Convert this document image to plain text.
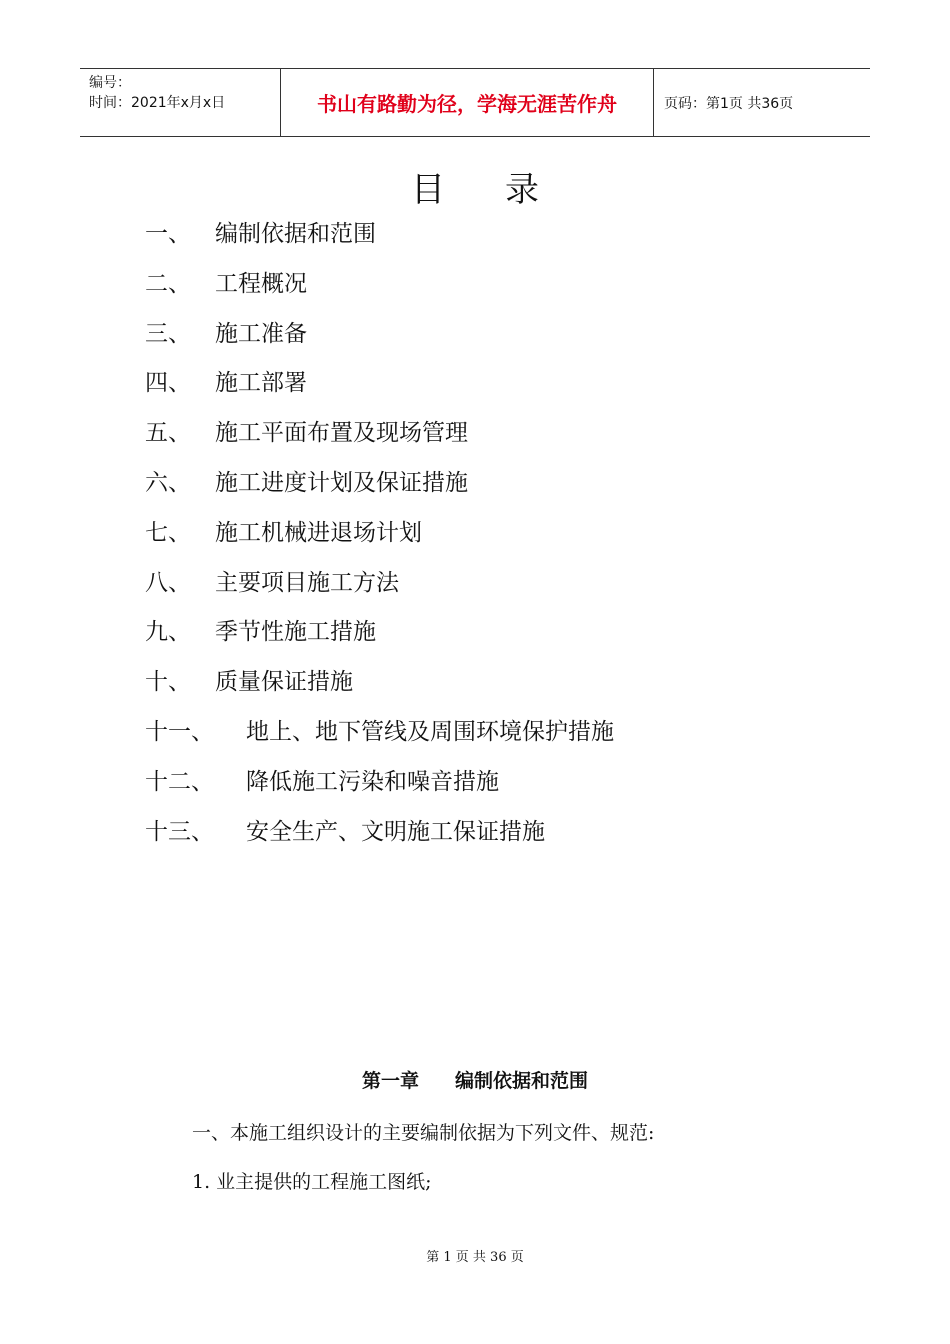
编号：
时间：2021年x月x日	书山有路勤为径，学海无涯苦作舟	页码：第1页 共36页
目录
一、 编制依据和范围
二、 工程概况
三、 施工准备
四、 施工部署
五、 施工平面布置及现场管理
六、 施工进度计划及保证措施
七、 施工机械进退场计划
八、 主要项目施工方法
九、 季节性施工措施
十、 质量保证措施
十一、 地上、地下管线及周围环境保护措施
十二、 降低施工污染和噪音措施
十三、 安全生产、文明施工保证措施
第一章 编制依据和范围
一、本施工组织设计的主要编制依据为下列文件、规范:
1. 业主提供的工程施工图纸;
第 1 页 共 36 页
